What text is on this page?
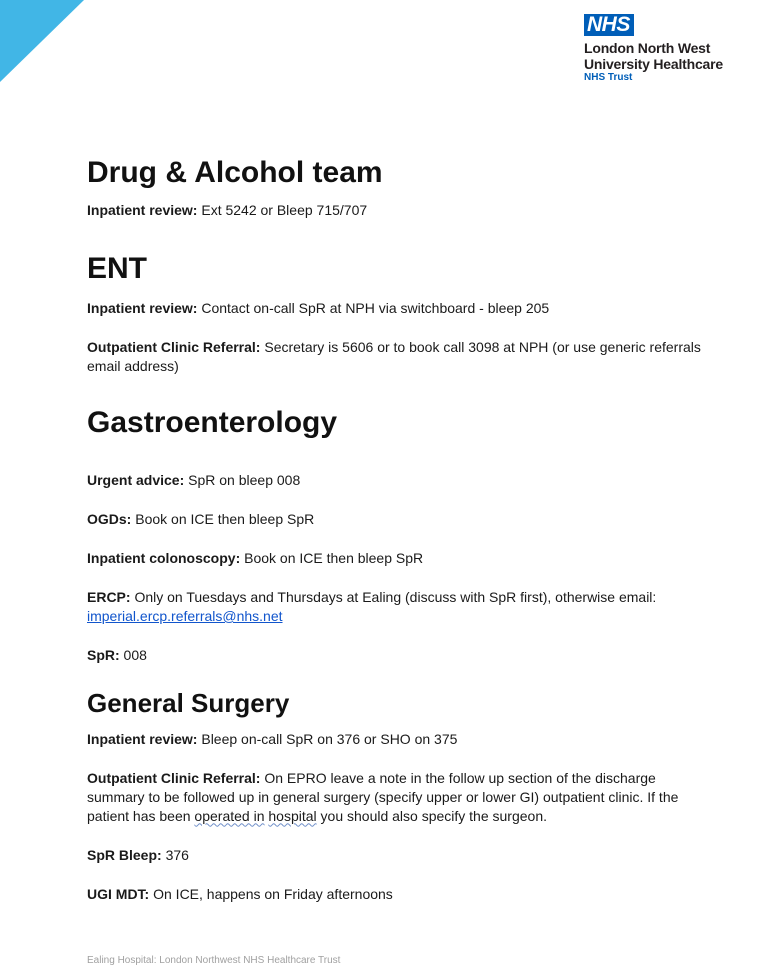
NHS
London North West
University Healthcare
NHS Trust
Drug & Alcohol team

Inpatient review: Ext 5242 or Bleep 715/707

ENT

Inpatient review: Contact on-call SpR at NPH via switchboard - bleep 205

Outpatient Clinic Referral: Secretary is 5606 or to book call 3098 at NPH (or use generic referrals email address)

Gastroenterology

Urgent advice: SpR on bleep 008

OGDs: Book on ICE then bleep SpR

Inpatient colonoscopy: Book on ICE then bleep SpR

ERCP: Only on Tuesdays and Thursdays at Ealing (discuss with SpR first), otherwise email:
imperial.ercp.referrals@nhs.net

SpR: 008

General Surgery

Inpatient review: Bleep on-call SpR on 376 or SHO on 375

Outpatient Clinic Referral: On EPRO leave a note in the follow up section of the discharge summary to be followed up in general surgery (specify upper or lower GI) outpatient clinic. If the patient has been operated in hospital you should also specify the surgeon.

SpR Bleep: 376

UGI MDT: On ICE, happens on Friday afternoons

Ealing Hospital: London Northwest NHS Healthcare Trust
